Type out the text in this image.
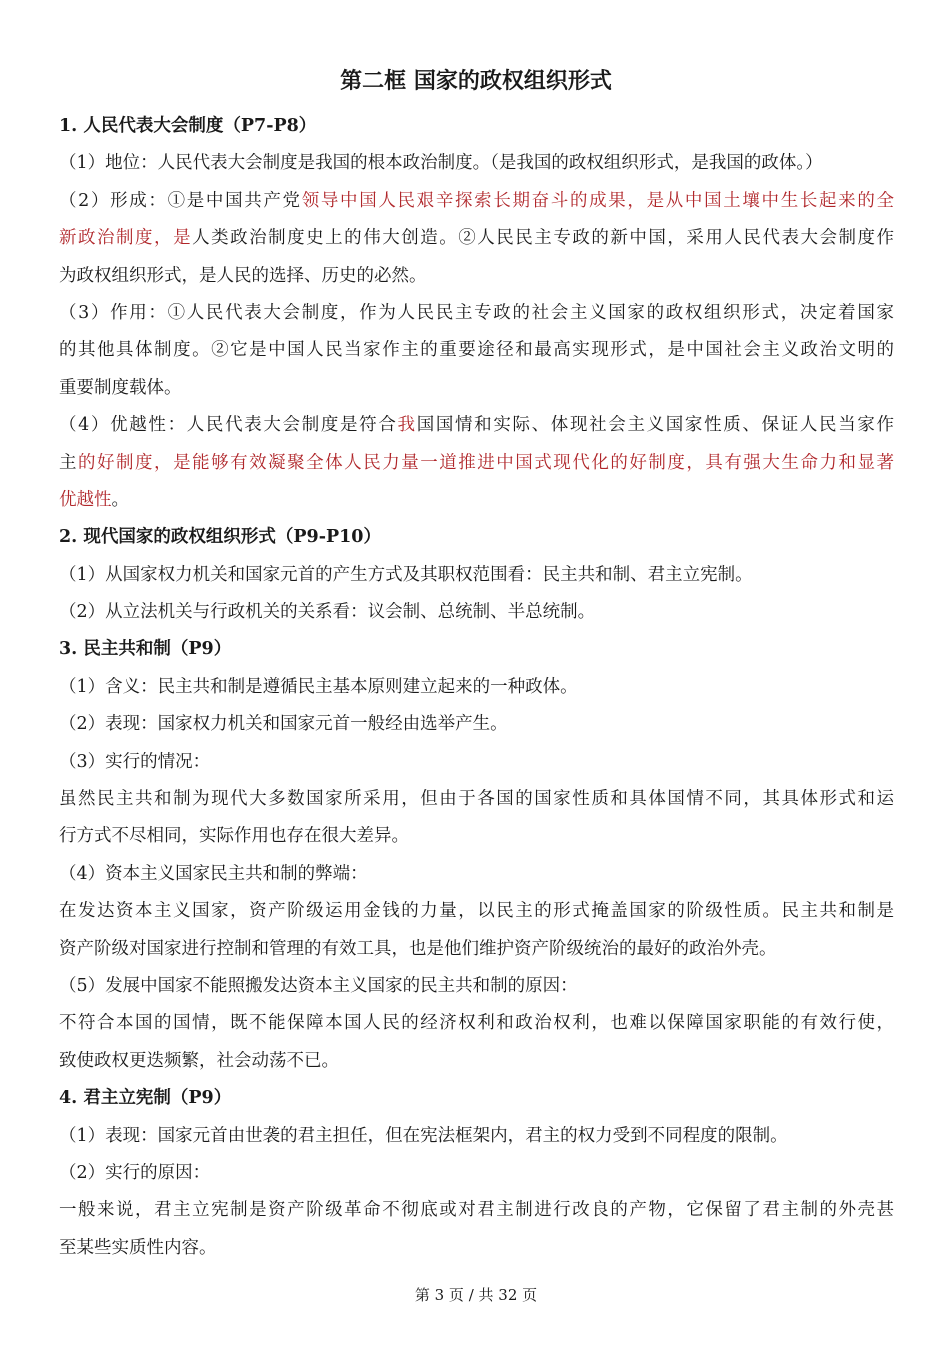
第二框 国家的政权组织形式
1. 人民代表大会制度（P7-P8）
（1）地位：人民代表大会制度是我国的根本政治制度。（是我国的政权组织形式，是我国的政体。）
（2）形成：①是中国共产党领导中国人民艰辛探索长期奋斗的成果，是从中国土壤中生长起来的全
新政治制度，是人类政治制度史上的伟大创造。②人民民主专政的新中国，采用人民代表大会制度作
为政权组织形式，是人民的选择、历史的必然。
（3）作用：①人民代表大会制度，作为人民民主专政的社会主义国家的政权组织形式，决定着国家
的其他具体制度。②它是中国人民当家作主的重要途径和最高实现形式，是中国社会主义政治文明的
重要制度载体。
（4）优越性：人民代表大会制度是符合我国国情和实际、体现社会主义国家性质、保证人民当家作
主的好制度，是能够有效凝聚全体人民力量一道推进中国式现代化的好制度，具有强大生命力和显著
优越性。
2. 现代国家的政权组织形式（P9-P10）
（1）从国家权力机关和国家元首的产生方式及其职权范围看：民主共和制、君主立宪制。
（2）从立法机关与行政机关的关系看：议会制、总统制、半总统制。
3. 民主共和制（P9）
（1）含义：民主共和制是遵循民主基本原则建立起来的一种政体。
（2）表现：国家权力机关和国家元首一般经由选举产生。
（3）实行的情况：
虽然民主共和制为现代大多数国家所采用，但由于各国的国家性质和具体国情不同，其具体形式和运
行方式不尽相同，实际作用也存在很大差异。
（4）资本主义国家民主共和制的弊端：
在发达资本主义国家，资产阶级运用金钱的力量，以民主的形式掩盖国家的阶级性质。民主共和制是
资产阶级对国家进行控制和管理的有效工具，也是他们维护资产阶级统治的最好的政治外壳。
（5）发展中国家不能照搬发达资本主义国家的民主共和制的原因：
不符合本国的国情，既不能保障本国人民的经济权利和政治权利，也难以保障国家职能的有效行使，
致使政权更迭频繁，社会动荡不已。
4. 君主立宪制（P9）
（1）表现：国家元首由世袭的君主担任，但在宪法框架内，君主的权力受到不同程度的限制。
（2）实行的原因：
一般来说，君主立宪制是资产阶级革命不彻底或对君主制进行改良的产物，它保留了君主制的外壳甚
至某些实质性内容。
第 3 页 / 共 32 页
